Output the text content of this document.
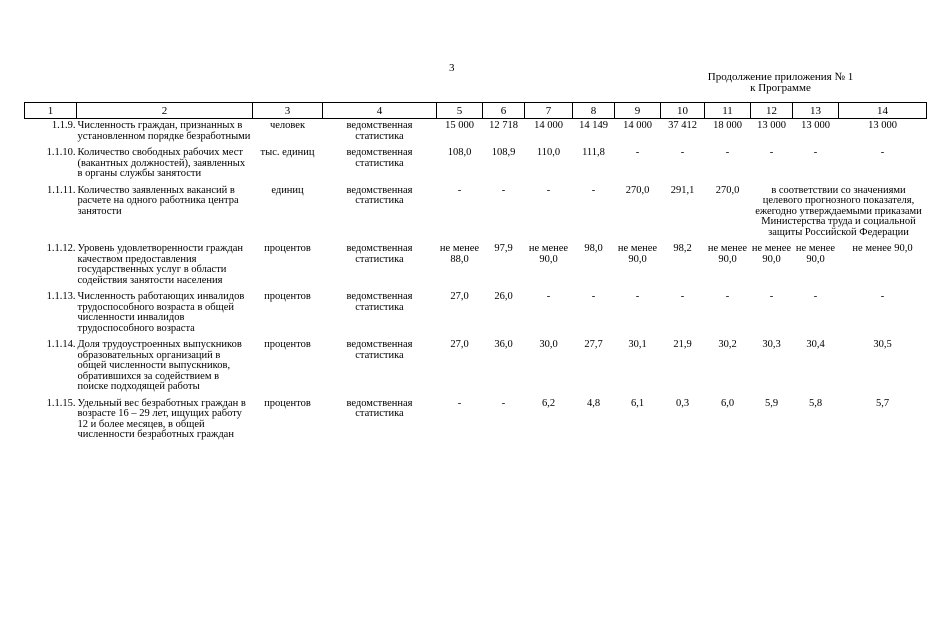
3
Продолжение приложения № 1
к Программе
1	2	3	4	5	6	7	8	9	10	11	12	13	14
1.1.9.	Численность граждан, признанных в установленном порядке безработными	человек	ведомственная статистика	15 000	12 718	14 000	14 149	14 000	37 412	18 000	13 000	13 000	13 000
1.1.10.	Количество свободных рабочих мест (вакантных должностей), заявленных в органы службы занятости	тыс. единиц	ведомственная статистика	108,0	108,9	110,0	111,8	-	-	-	-	-	-
1.1.11.	Количество заявленных вакансий в расчете на одного работника центра занятости	единиц	ведомственная статистика	-	-	-	-	270,0	291,1	270,0	в соответствии со значениями целевого прогнозного показателя, ежегодно утверждаемыми приказами Министерства труда и социальной защиты Российской Федерации		
1.1.12.	Уровень удовлетворенности граждан качеством предоставления государственных услуг в области содействия занятости населения	процентов	ведомственная статистика	не менее 88,0	97,9	не менее 90,0	98,0	не менее 90,0	98,2	не менее 90,0	не менее 90,0	не менее 90,0	не менее 90,0
1.1.13.	Численность работающих инвалидов трудоспособного возраста в общей численности инвалидов трудоспособного возраста	процентов	ведомственная статистика	27,0	26,0	-	-	-	-	-	-	-	-
1.1.14.	Доля трудоустроенных выпускников образовательных организаций в общей численности выпускников, обратившихся за содействием в поиске подходящей работы	процентов	ведомственная статистика	27,0	36,0	30,0	27,7	30,1	21,9	30,2	30,3	30,4	30,5
1.1.15.	Удельный вес безработных граждан в возрасте 16 – 29 лет, ищущих работу 12 и более месяцев, в общей численности безработных граждан	процентов	ведомственная статистика	-	-	6,2	4,8	6,1	0,3	6,0	5,9	5,8	5,7
